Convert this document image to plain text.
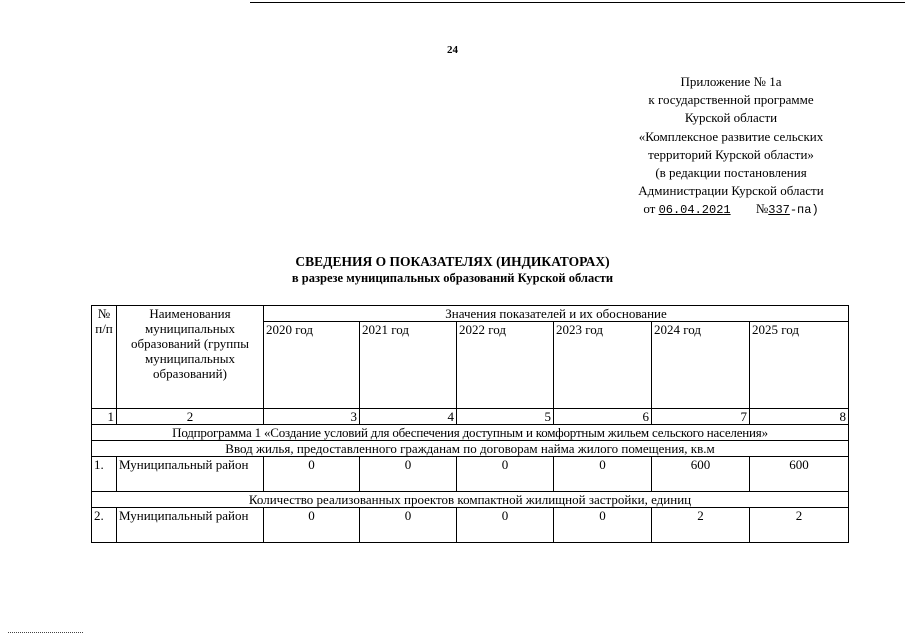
24
Приложение № 1а
к государственной программе
Курской области
«Комплексное развитие сельских
территорий Курской области»
(в редакции постановления
Администрации Курской области
от 06.04.2021 №337-па)
СВЕДЕНИЯ О ПОКАЗАТЕЛЯХ (ИНДИКАТОРАХ)
в разрезе муниципальных образований Курской области
№ п/п	Наименования муниципальных образований (группы муниципальных образований)	Значения показателей и их обоснование					
		2020 год	2021 год	2022 год	2023 год	2024 год	2025 год
1	2	3	4	5	6	7	8
Подпрограмма 1 «Создание условий для обеспечения доступным и комфортным жильем сельского населения»							
Ввод жилья, предоставленного гражданам по договорам найма жилого помещения, кв.м							
1.	Муниципальный район	0	0	0	0	600	600
Количество реализованных проектов компактной жилищной застройки, единиц							
2.	Муниципальный район	0	0	0	0	2	2
